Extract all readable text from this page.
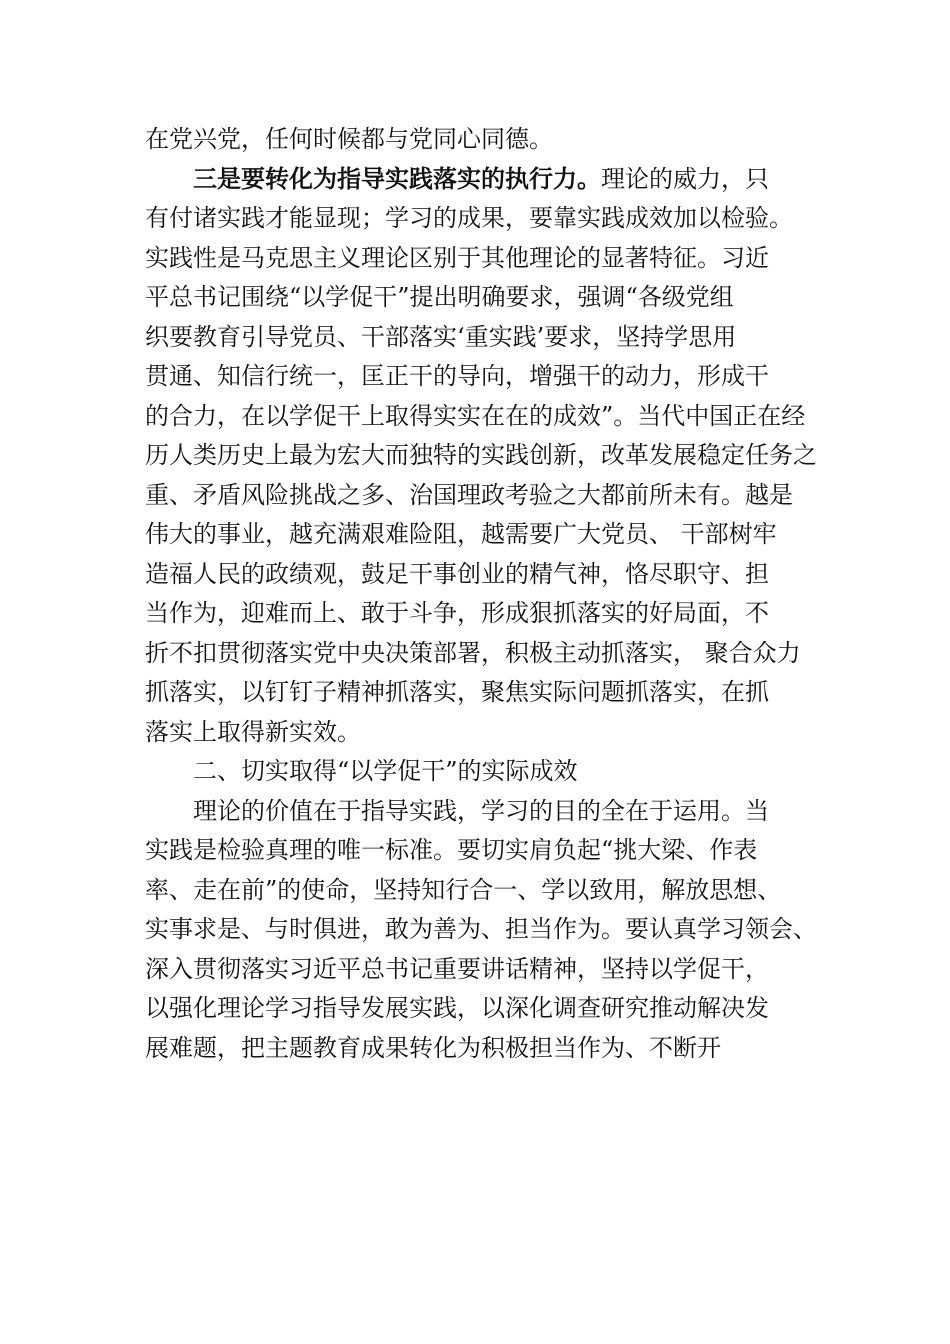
在党兴党，任何时候都与党同心同德。
三是要转化为指导实践落实的执行力。理论的威力，只
有付诸实践才能显现；学习的成果，要靠实践成效加以检验。
实践性是马克思主义理论区别于其他理论的显著特征。习近
平总书记围绕“以学促干”提出明确要求，强调“各级党组
织要教育引导党员、干部落实‘重实践’要求，坚持学思用
贯通、知信行统一，匡正干的导向，增强干的动力，形成干
的合力，在以学促干上取得实实在在的成效”。当代中国正在经
历人类历史上最为宏大而独特的实践创新，改革发展稳定任务之
重、矛盾风险挑战之多、治国理政考验之大都前所未有。越是
伟大的事业，越充满艰难险阻，越需要广大党员、 干部树牢
造福人民的政绩观，鼓足干事创业的精气神，恪尽职守、担
当作为，迎难而上、敢于斗争，形成狠抓落实的好局面，不
折不扣贯彻落实党中央决策部署，积极主动抓落实， 聚合众力
抓落实，以钉钉子精神抓落实，聚焦实际问题抓落实，在抓
落实上取得新实效。
二、切实取得“以学促干”的实际成效
理论的价值在于指导实践，学习的目的全在于运用。当
实践是检验真理的唯一标准。要切实肩负起“挑大梁、作表
率、走在前”的使命，坚持知行合一、学以致用，解放思想、
实事求是、与时俱进，敢为善为、担当作为。要认真学习领会、
深入贯彻落实习近平总书记重要讲话精神，坚持以学促干，
以强化理论学习指导发展实践，以深化调查研究推动解决发
展难题，把主题教育成果转化为积极担当作为、不断开
